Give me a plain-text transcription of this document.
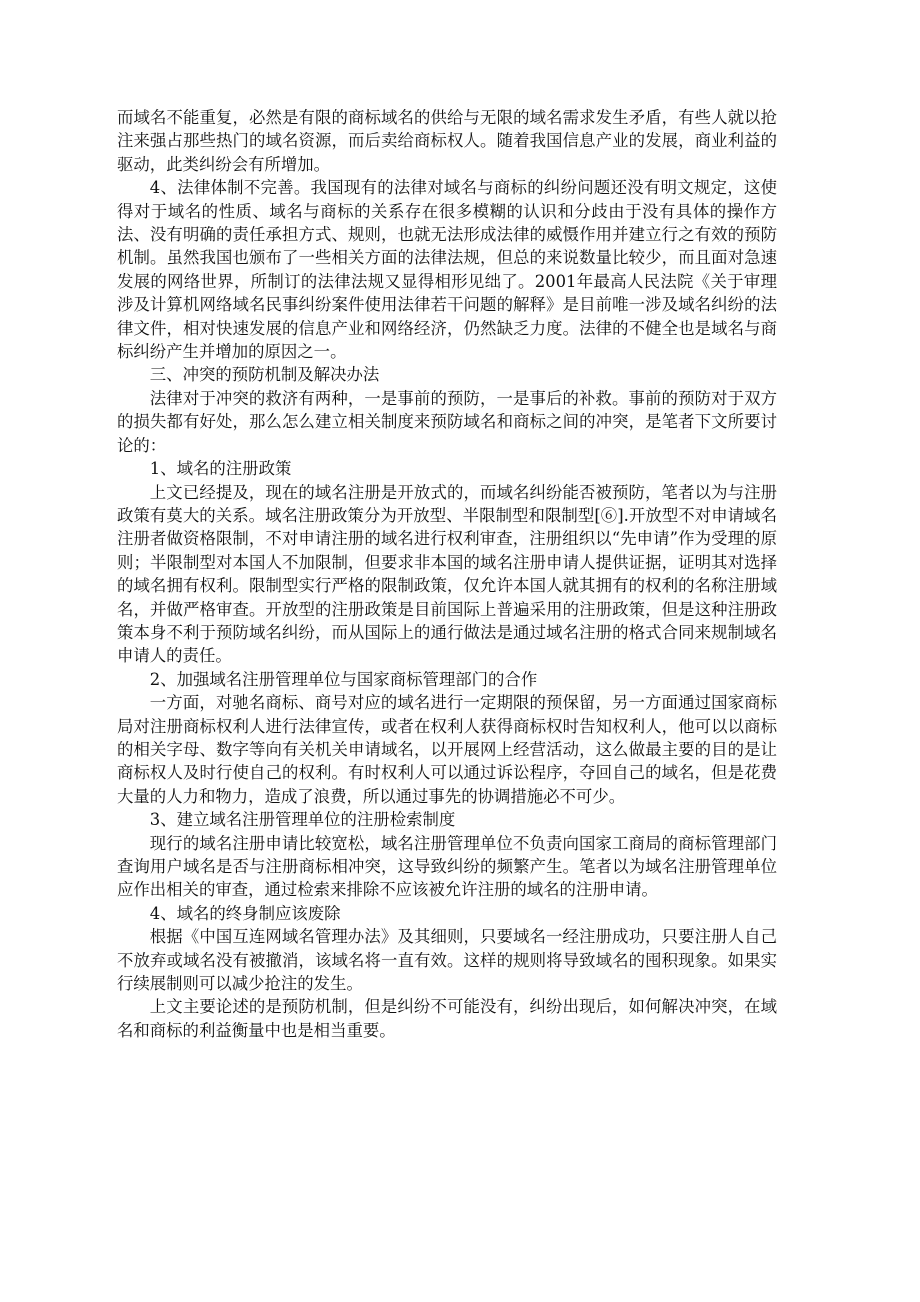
而域名不能重复，必然是有限的商标域名的供给与无限的域名需求发生矛盾，有些人就以抢注来强占那些热门的域名资源，而后卖给商标权人。随着我国信息产业的发展，商业利益的驱动，此类纠纷会有所增加。

4、法律体制不完善。我国现有的法律对域名与商标的纠纷问题还没有明文规定，这使得对于域名的性质、域名与商标的关系存在很多模糊的认识和分歧由于没有具体的操作方法、没有明确的责任承担方式、规则，也就无法形成法律的威慑作用并建立行之有效的预防机制。虽然我国也颁布了一些相关方面的法律法规，但总的来说数量比较少，而且面对急速发展的网络世界，所制订的法律法规又显得相形见绌了。2001年最高人民法院《关于审理涉及计算机网络域名民事纠纷案件使用法律若干问题的解释》是目前唯一涉及域名纠纷的法律文件，相对快速发展的信息产业和网络经济，仍然缺乏力度。法律的不健全也是域名与商标纠纷产生并增加的原因之一。

三、冲突的预防机制及解决办法

法律对于冲突的救济有两种，一是事前的预防，一是事后的补救。事前的预防对于双方的损失都有好处，那么怎么建立相关制度来预防域名和商标之间的冲突，是笔者下文所要讨论的：

1、域名的注册政策

上文已经提及，现在的域名注册是开放式的，而域名纠纷能否被预防，笔者以为与注册政策有莫大的关系。域名注册政策分为开放型、半限制型和限制型[⑥].开放型不对申请域名注册者做资格限制，不对申请注册的域名进行权利审查，注册组织以“先申请”作为受理的原则；半限制型对本国人不加限制，但要求非本国的域名注册申请人提供证据，证明其对选择的域名拥有权利。限制型实行严格的限制政策，仅允许本国人就其拥有的权利的名称注册域名，并做严格审查。开放型的注册政策是目前国际上普遍采用的注册政策，但是这种注册政策本身不利于预防域名纠纷，而从国际上的通行做法是通过域名注册的格式合同来规制域名申请人的责任。

2、加强域名注册管理单位与国家商标管理部门的合作

一方面，对驰名商标、商号对应的域名进行一定期限的预保留，另一方面通过国家商标局对注册商标权利人进行法律宣传，或者在权利人获得商标权时告知权利人，他可以以商标的相关字母、数字等向有关机关申请域名，以开展网上经营活动，这么做最主要的目的是让商标权人及时行使自己的权利。有时权利人可以通过诉讼程序，夺回自己的域名，但是花费大量的人力和物力，造成了浪费，所以通过事先的协调措施必不可少。

3、建立域名注册管理单位的注册检索制度

现行的域名注册申请比较宽松，域名注册管理单位不负责向国家工商局的商标管理部门查询用户域名是否与注册商标相冲突，这导致纠纷的频繁产生。笔者以为域名注册管理单位应作出相关的审查，通过检索来排除不应该被允许注册的域名的注册申请。

4、域名的终身制应该废除

根据《中国互连网域名管理办法》及其细则，只要域名一经注册成功，只要注册人自己不放弃或域名没有被撤消，该域名将一直有效。这样的规则将导致域名的囤积现象。如果实行续展制则可以减少抢注的发生。

上文主要论述的是预防机制，但是纠纷不可能没有，纠纷出现后，如何解决冲突，在域名和商标的利益衡量中也是相当重要。
